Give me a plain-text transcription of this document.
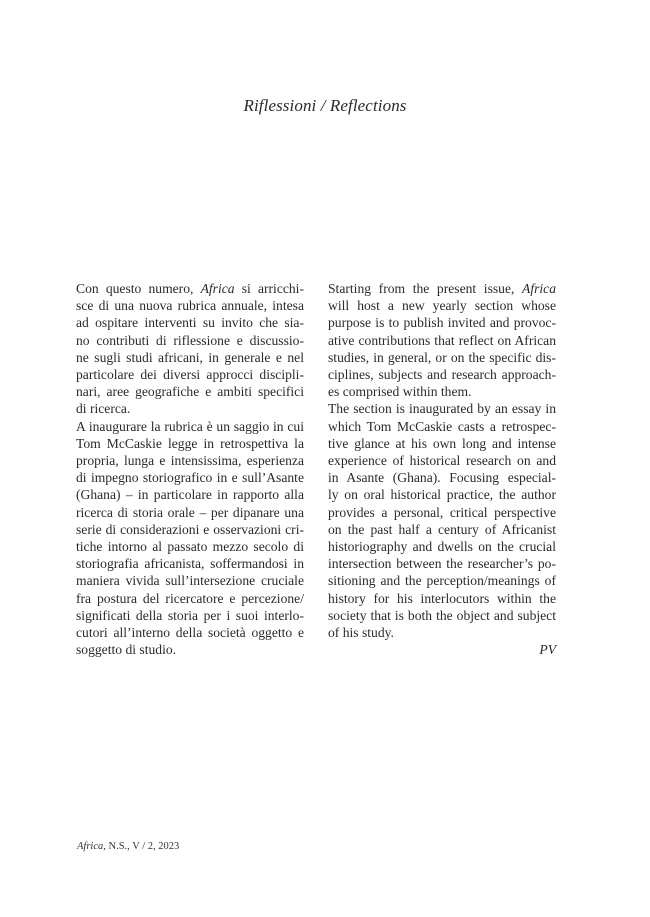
Riflessioni / Reflections
Con questo numero, Africa si arricchi-
sce di una nuova rubrica annuale, intesa
ad ospitare interventi su invito che sia-
no contributi di riflessione e discussio-
ne sugli studi africani, in generale e nel
particolare dei diversi approcci discipli-
nari, aree geografiche e ambiti specifici
di ricerca.
A inaugurare la rubrica è un saggio in cui
Tom McCaskie legge in retrospettiva la
propria, lunga e intensissima, esperienza
di impegno storiografico in e sull’Asante
(Ghana) – in particolare in rapporto alla
ricerca di storia orale – per dipanare una
serie di considerazioni e osservazioni cri-
tiche intorno al passato mezzo secolo di
storiografia africanista, soffermandosi in
maniera vivida sull’intersezione cruciale
fra postura del ricercatore e percezione/
significati della storia per i suoi interlo-
cutori all’interno della società oggetto e
soggetto di studio.
Starting from the present issue, Africa
will host a new yearly section whose
purpose is to publish invited and provoc-
ative contributions that reflect on African
studies, in general, or on the specific dis-
ciplines, subjects and research approach-
es comprised within them.
The section is inaugurated by an essay in
which Tom McCaskie casts a retrospec-
tive glance at his own long and intense
experience of historical research on and
in Asante (Ghana). Focusing especial-
ly on oral historical practice, the author
provides a personal, critical perspective
on the past half a century of Africanist
historiography and dwells on the crucial
intersection between the researcher’s po-
sitioning and the perception/meanings of
history for his interlocutors within the
society that is both the object and subject
of his study.
PV
Africa, N.S., V / 2, 2023
